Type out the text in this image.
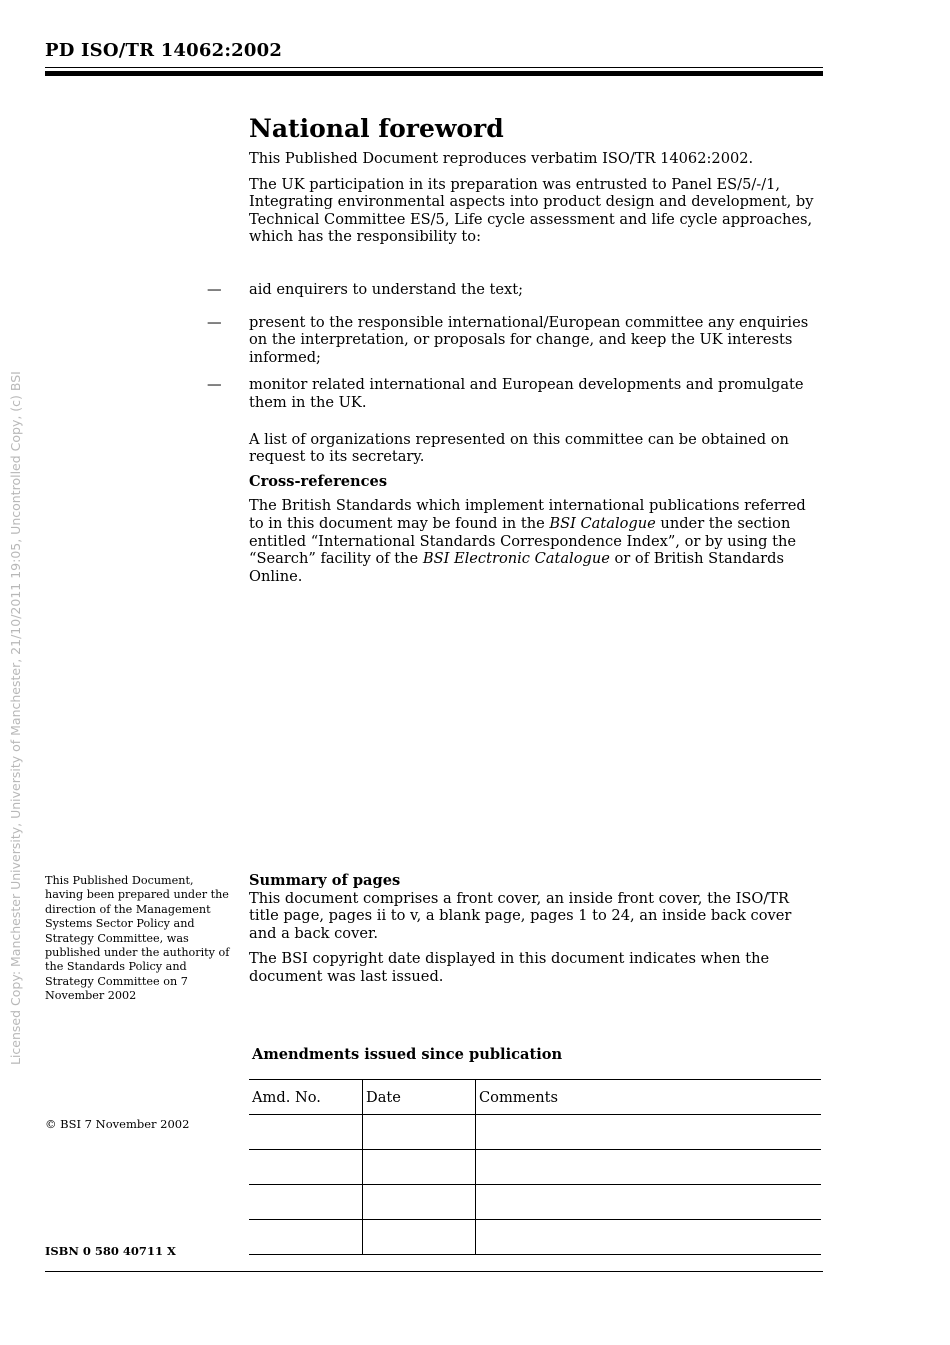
PD ISO/TR 14062:2002
Licensed Copy: Manchester University, University of Manchester, 21/10/2011 19:05, Uncontrolled Copy, (c) BSI
National foreword

This Published Document reproduces verbatim ISO/TR 14062:2002.

The UK participation in its preparation was entrusted to Panel ES/5/-/1, Integrating environmental aspects into product design and development, by Technical Committee ES/5, Life cycle assessment and life cycle approaches, which has the responsibility to:

— aid enquirers to understand the text;

— present to the responsible international/European committee any enquiries on the interpretation, or proposals for change, and keep the UK interests informed;

— monitor related international and European developments and promulgate them in the UK.

A list of organizations represented on this committee can be obtained on request to its secretary.

Cross-references

The British Standards which implement international publications referred to in this document may be found in the BSI Catalogue under the section entitled “International Standards Correspondence Index”, or by using the “Search” facility of the BSI Electronic Catalogue or of British Standards Online.

This Published Document, having been prepared under the direction of the Management Systems Sector Policy and Strategy Committee, was published under the authority of the Standards Policy and Strategy Committee on 7 November 2002

Summary of pages

This document comprises a front cover, an inside front cover, the ISO/TR title page, pages ii to v, a blank page, pages 1 to 24, an inside back cover and a back cover.

The BSI copyright date displayed in this document indicates when the document was last issued.

Amendments issued since publication
Amd. No.	Date	Comments

© BSI 7 November 2002
ISBN 0 580 40711 X
